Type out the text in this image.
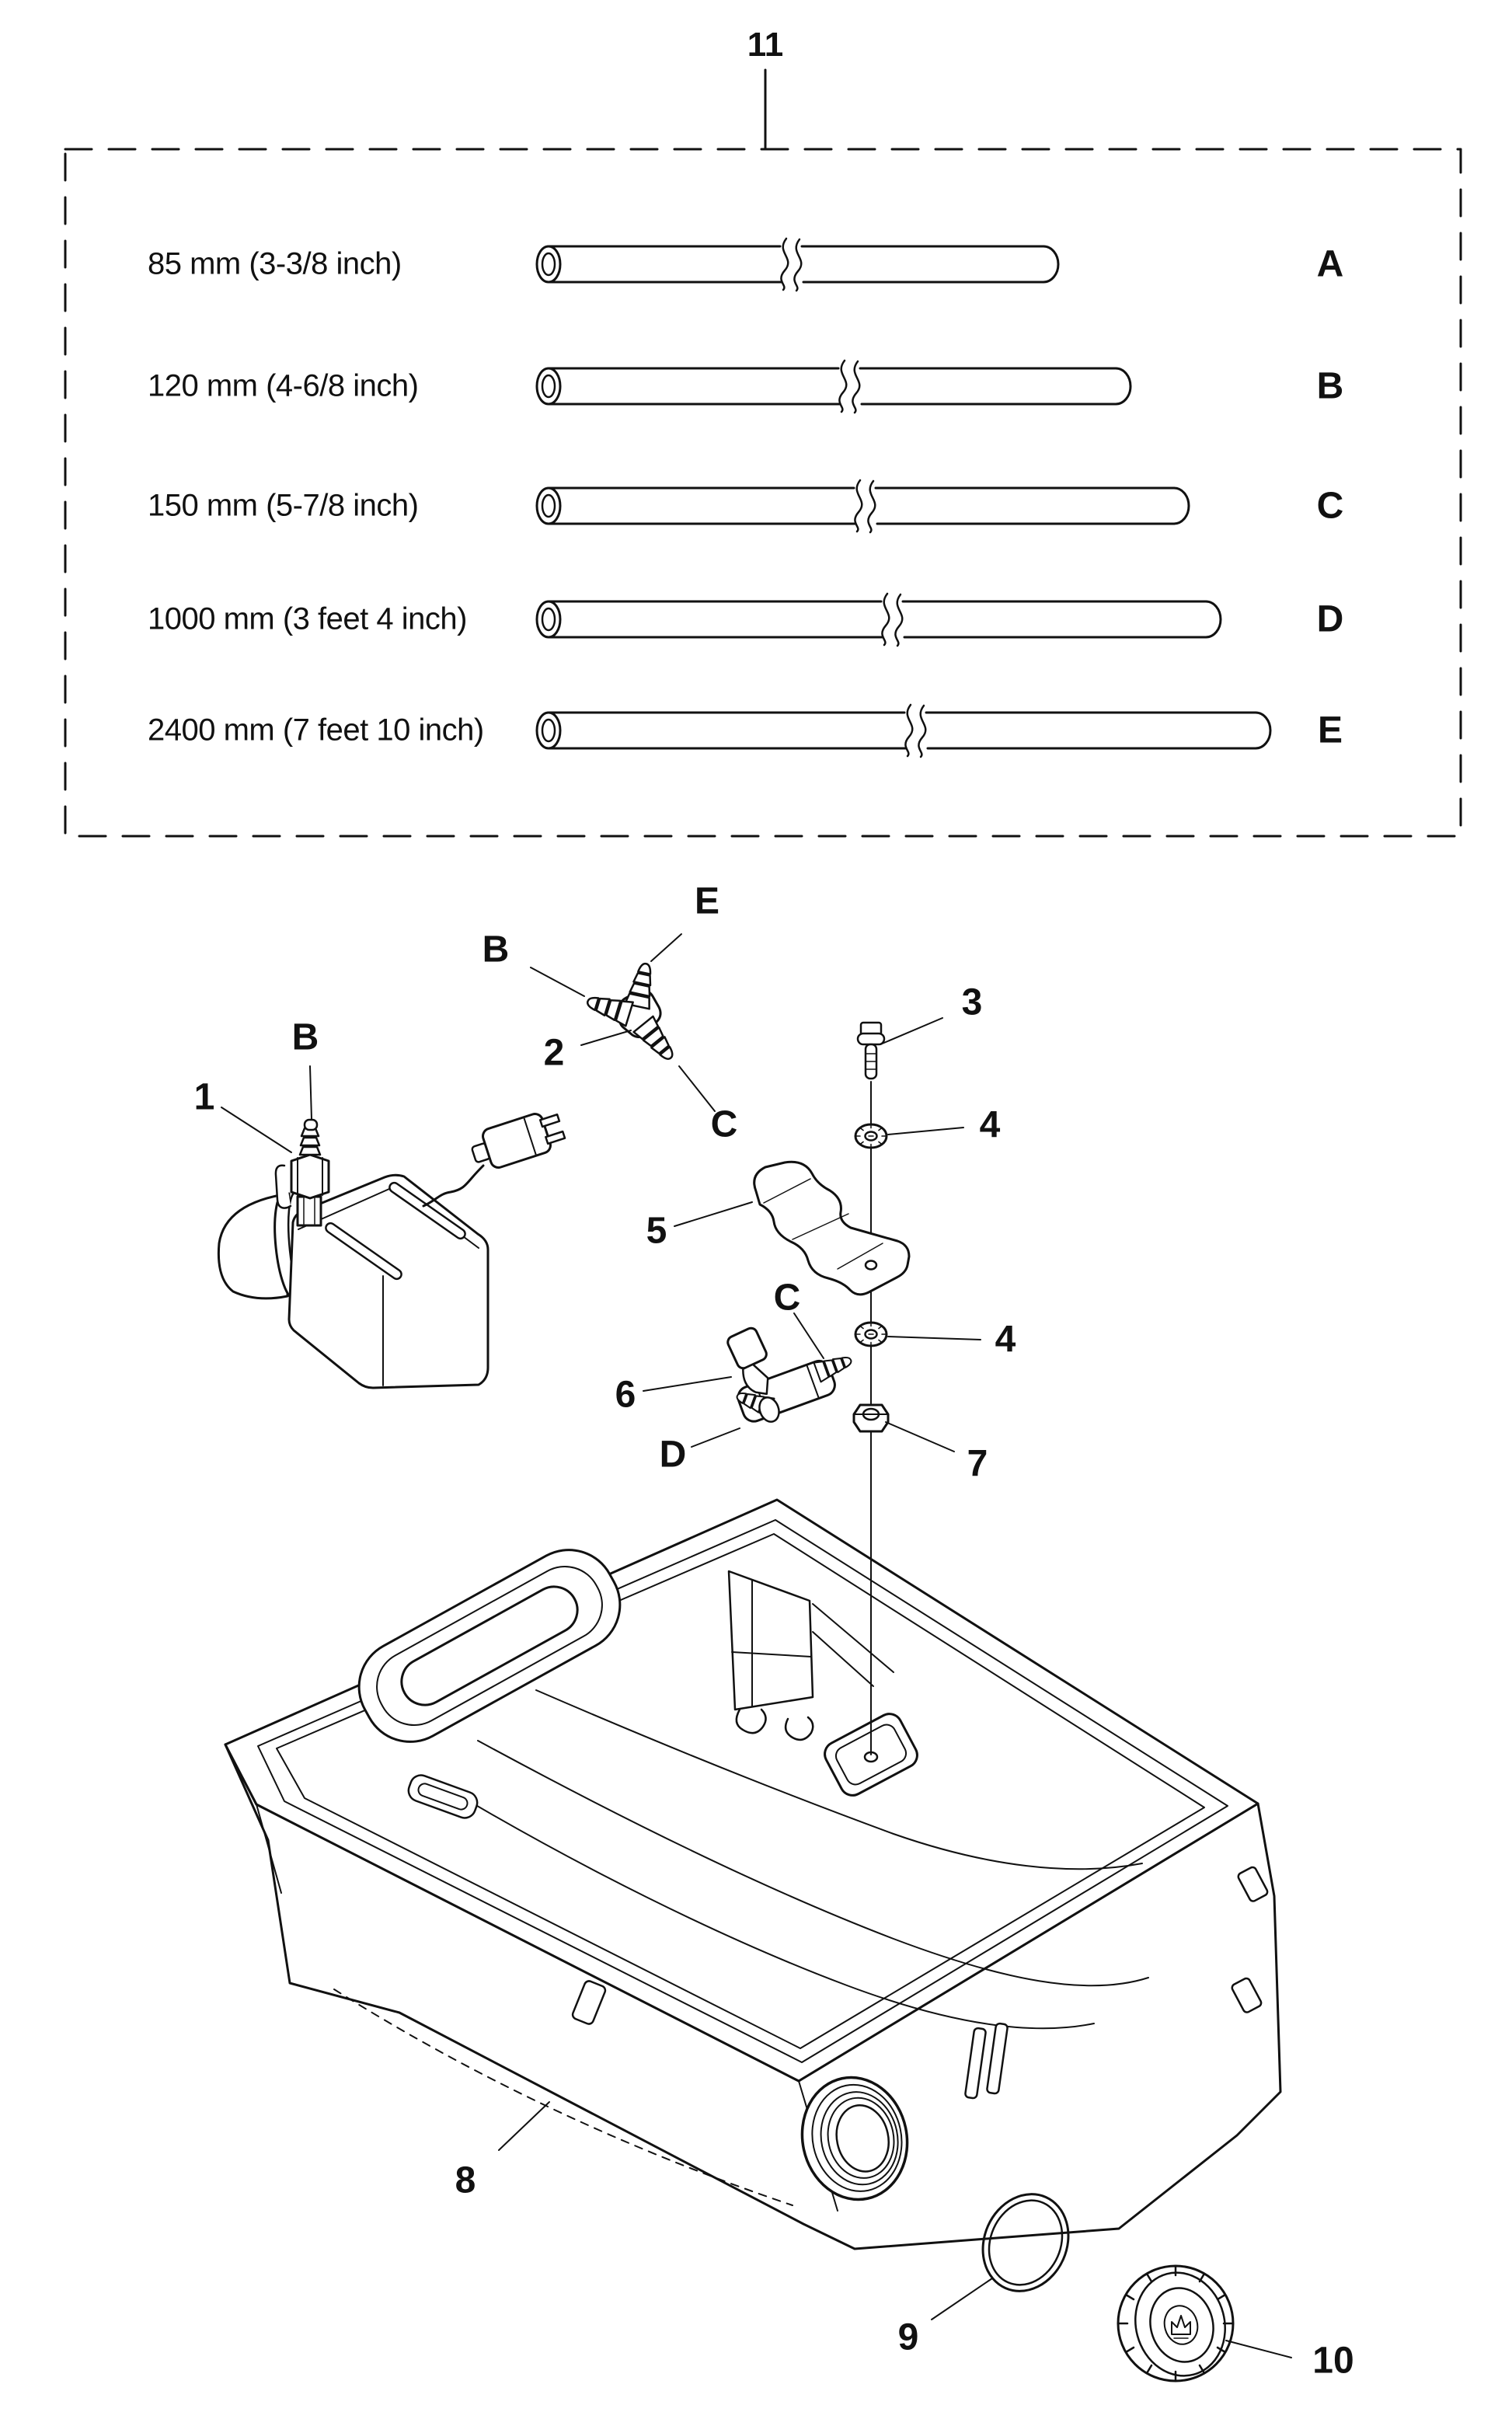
11
85 mm (3-3/8 inch)
120 mm (4-6/8 inch)
150 mm (5-7/8 inch)
1000 mm (3 feet 4 inch)
2400 mm (7 feet 10 inch)
A
B
C
D
E
1
B
B
E
2
C
3
4
5
C
6
D
4
7
8
9
10
